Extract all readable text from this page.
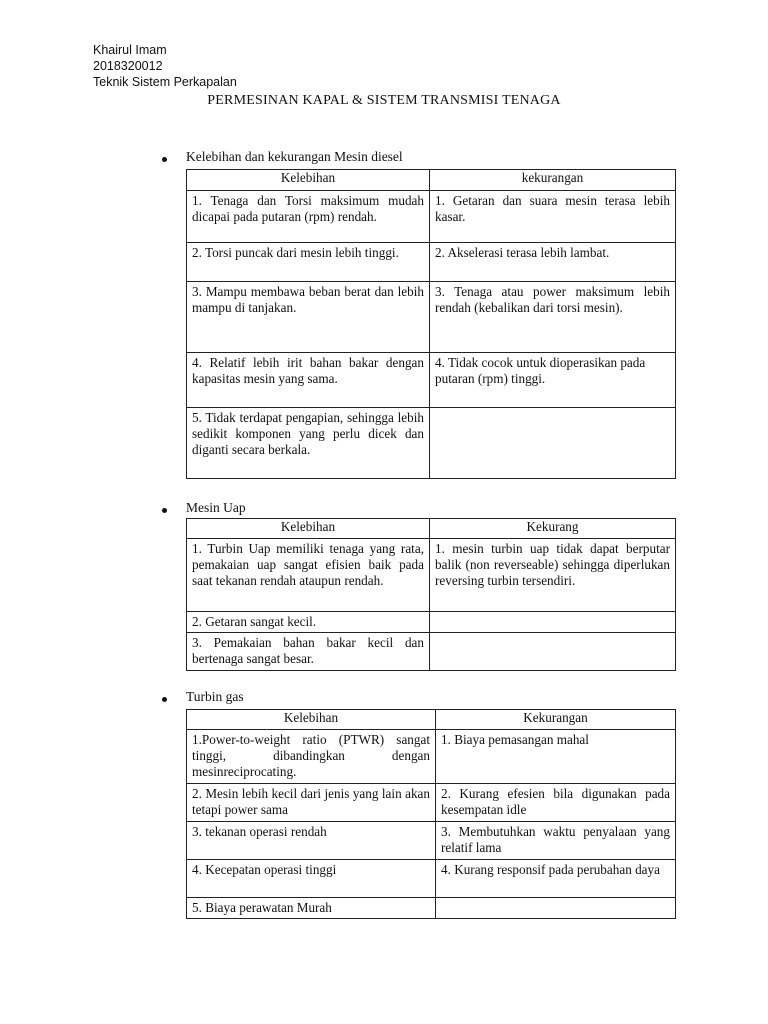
Khairul Imam
2018320012
Teknik Sistem Perkapalan
PERMESINAN KAPAL & SISTEM TRANSMISI TENAGA
Kelebihan dan kekurangan Mesin diesel
Kelebihan	kekurangan
1. Tenaga dan Torsi maksimum mudah dicapai pada putaran (rpm) rendah.	1. Getaran dan suara mesin terasa lebih kasar.
2. Torsi puncak dari mesin lebih tinggi.	2. Akselerasi terasa lebih lambat.
3. Mampu membawa beban berat dan lebih mampu di tanjakan.	3. Tenaga atau power maksimum lebih rendah (kebalikan dari torsi mesin).
4. Relatif lebih irit bahan bakar dengan kapasitas mesin yang sama.	4. Tidak cocok untuk dioperasikan pada putaran (rpm) tinggi.
5. Tidak terdapat pengapian, sehingga lebih sedikit komponen yang perlu dicek dan diganti secara berkala.	
Mesin Uap
Kelebihan	Kekurang
1. Turbin Uap memiliki tenaga yang rata, pemakaian uap sangat efisien baik pada saat tekanan rendah ataupun rendah.	1. mesin turbin uap tidak dapat berputar balik (non reverseable) sehingga diperlukan reversing turbin tersendiri.
2. Getaran sangat kecil.	
3. Pemakaian bahan bakar kecil dan bertenaga sangat besar.	
Turbin gas
Kelebihan	Kekurangan
1.Power-to-weight ratio (PTWR) sangat tinggi, dibandingkan dengan mesinreciprocating.	1. Biaya pemasangan mahal
2. Mesin lebih kecil dari jenis yang lain akan tetapi power sama	2. Kurang efesien bila digunakan pada kesempatan idle
3. tekanan operasi rendah	3. Membutuhkan waktu penyalaan yang relatif lama
4. Kecepatan operasi tinggi	4. Kurang responsif pada perubahan daya
5. Biaya perawatan Murah	
